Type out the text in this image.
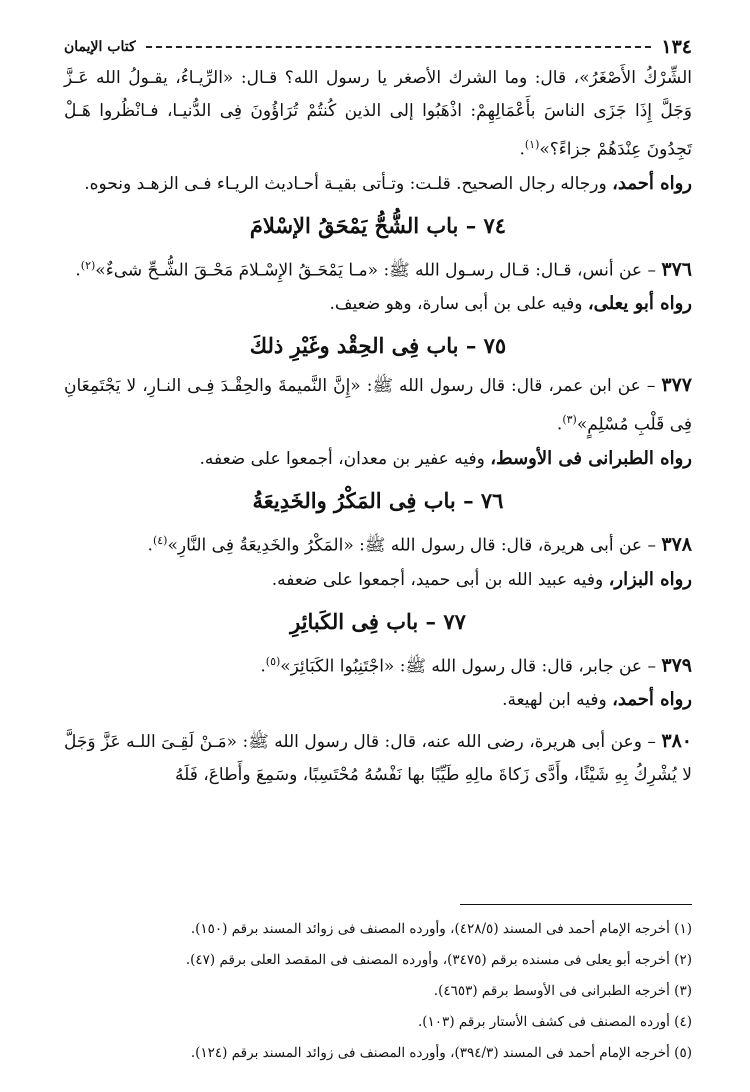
١٣٤
كتاب الإيمان

الشِّرْكُ الأَصْغَرُ»، قال: وما الشرك الأصغر يا رسول الله؟ قـال: «الرِّيـاءُ، يقـولُ الله عَـزَّ وَجَلَّ إِذَا جَزَى الناسَ بأَعْمَالِهِمْ: اذْهَبُوا إلى الذين كُنتُمْ تُرَاؤُونَ فِى الدُّنيـا، فـانْظُروا هَـلْ تَجِدُونَ عِنْدَهُمْ جزاءً؟»$^{(١)}$.

رواه أحمد، ورجاله رجال الصحيح. قلـت: وتـأتى بقيـة أحـاديث الريـاء فـى الزهـد ونحوه.

٧٤ – باب الشُّحُّ يَمْحَقُ الإسْلامَ

٣٧٦ – عن أنس، قـال: قـال رسـول الله ﷺ: «مـا يَمْحَـقُ الإِسْـلامَ مَحْـقَ الشُّـحِّ شىءٌ»$^{(٢)}$.

رواه أبو يعلى، وفيه على بن أبى سارة، وهو ضعيف.

٧٥ – باب فِى الحِقْد وغَيْرِ ذلكَ

٣٧٧ – عن ابن عمر، قال: قال رسول الله ﷺ: «إِنَّ النَّميمةَ والحِقْـدَ فِـى النـارِ، لا يَجْتَمِعَانِ فِى قَلْبِ مُسْلِمٍ»$^{(٣)}$.

رواه الطبرانى فى الأوسط، وفيه عفير بن معدان، أجمعوا على ضعفه.

٧٦ – باب فِى المَكْرُ والخَدِيعَةُ

٣٧٨ – عن أبى هريرة، قال: قال رسول الله ﷺ: «المَكْرُ والخَدِيعَةُ فِى النَّارِ»$^{(٤)}$.

رواه البزار، وفيه عبيد الله بن أبى حميد، أجمعوا على ضعفه.

٧٧ – باب فِى الكَبائِرِ

٣٧٩ – عن جابر، قال: قال رسول الله ﷺ: «اجْتَنِبُوا الكَبَائِرَ»$^{(٥)}$.

رواه أحمد، وفيه ابن لهيعة.

٣٨٠ – وعن أبى هريرة، رضى الله عنه، قال: قال رسول الله ﷺ: «مَـنْ لَقِـىَ اللـه عَزَّ وَجَلَّ لا يُشْرِكُ بِهِ شَيْئًا، وأَدَّى زَكاةَ مالِهِ طَيِّبًا بها نَفْسُهُ مُحْتَسِبًا، وسَمِعَ وأَطاعَ، فَلَهُ

(١) أخرجه الإمام أحمد فى المسند (٤٢٨/٥)، وأورده المصنف فى زوائد المسند برقم (١٥٠).
(٢) أخرجه أبو يعلى فى مسنده برقم (٣٤٧٥)، وأورده المصنف فى المقصد العلى برقم (٤٧).
(٣) أخرجه الطبرانى فى الأوسط برقم (٤٦٥٣).
(٤) أورده المصنف فى كشف الأستار برقم (١٠٣).
(٥) أخرجه الإمام أحمد فى المسند (٣٩٤/٣)، وأورده المصنف فى زوائد المسند برقم (١٢٤).
